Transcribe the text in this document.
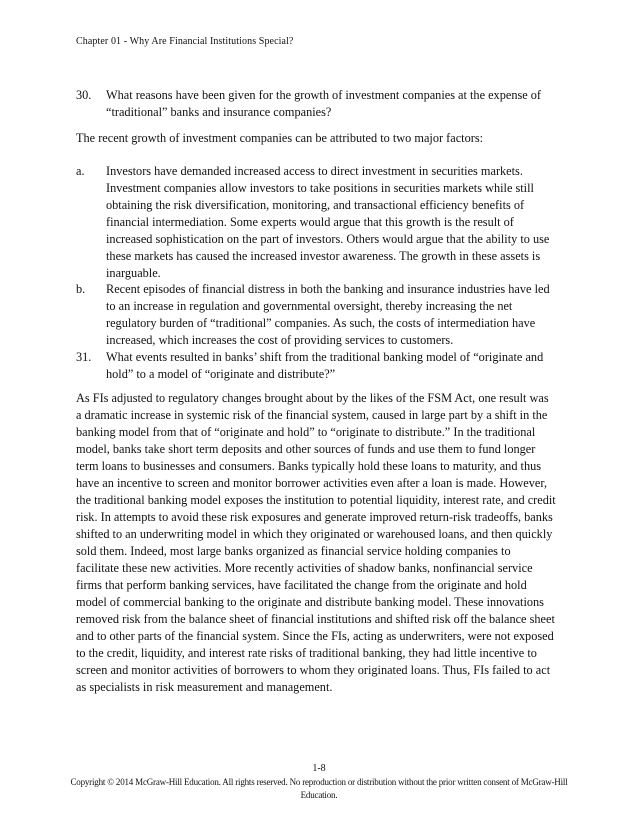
Chapter 01 - Why Are Financial Institutions Special?
30. What reasons have been given for the growth of investment companies at the expense of “traditional” banks and insurance companies?
The recent growth of investment companies can be attributed to two major factors:
a. Investors have demanded increased access to direct investment in securities markets. Investment companies allow investors to take positions in securities markets while still obtaining the risk diversification, monitoring, and transactional efficiency benefits of financial intermediation. Some experts would argue that this growth is the result of increased sophistication on the part of investors. Others would argue that the ability to use these markets has caused the increased investor awareness. The growth in these assets is inarguable.
b. Recent episodes of financial distress in both the banking and insurance industries have led to an increase in regulation and governmental oversight, thereby increasing the net regulatory burden of “traditional” companies. As such, the costs of intermediation have increased, which increases the cost of providing services to customers.
31. What events resulted in banks’ shift from the traditional banking model of “originate and hold” to a model of “originate and distribute?”
As FIs adjusted to regulatory changes brought about by the likes of the FSM Act, one result was a dramatic increase in systemic risk of the financial system, caused in large part by a shift in the banking model from that of “originate and hold” to “originate to distribute.” In the traditional model, banks take short term deposits and other sources of funds and use them to fund longer term loans to businesses and consumers. Banks typically hold these loans to maturity, and thus have an incentive to screen and monitor borrower activities even after a loan is made. However, the traditional banking model exposes the institution to potential liquidity, interest rate, and credit risk. In attempts to avoid these risk exposures and generate improved return-risk tradeoffs, banks shifted to an underwriting model in which they originated or warehoused loans, and then quickly sold them. Indeed, most large banks organized as financial service holding companies to facilitate these new activities. More recently activities of shadow banks, nonfinancial service firms that perform banking services, have facilitated the change from the originate and hold model of commercial banking to the originate and distribute banking model. These innovations removed risk from the balance sheet of financial institutions and shifted risk off the balance sheet and to other parts of the financial system. Since the FIs, acting as underwriters, were not exposed to the credit, liquidity, and interest rate risks of traditional banking, they had little incentive to screen and monitor activities of borrowers to whom they originated loans. Thus, FIs failed to act as specialists in risk measurement and management.
1-8
Copyright © 2014 McGraw-Hill Education. All rights reserved. No reproduction or distribution without the prior written consent of McGraw-Hill Education.
